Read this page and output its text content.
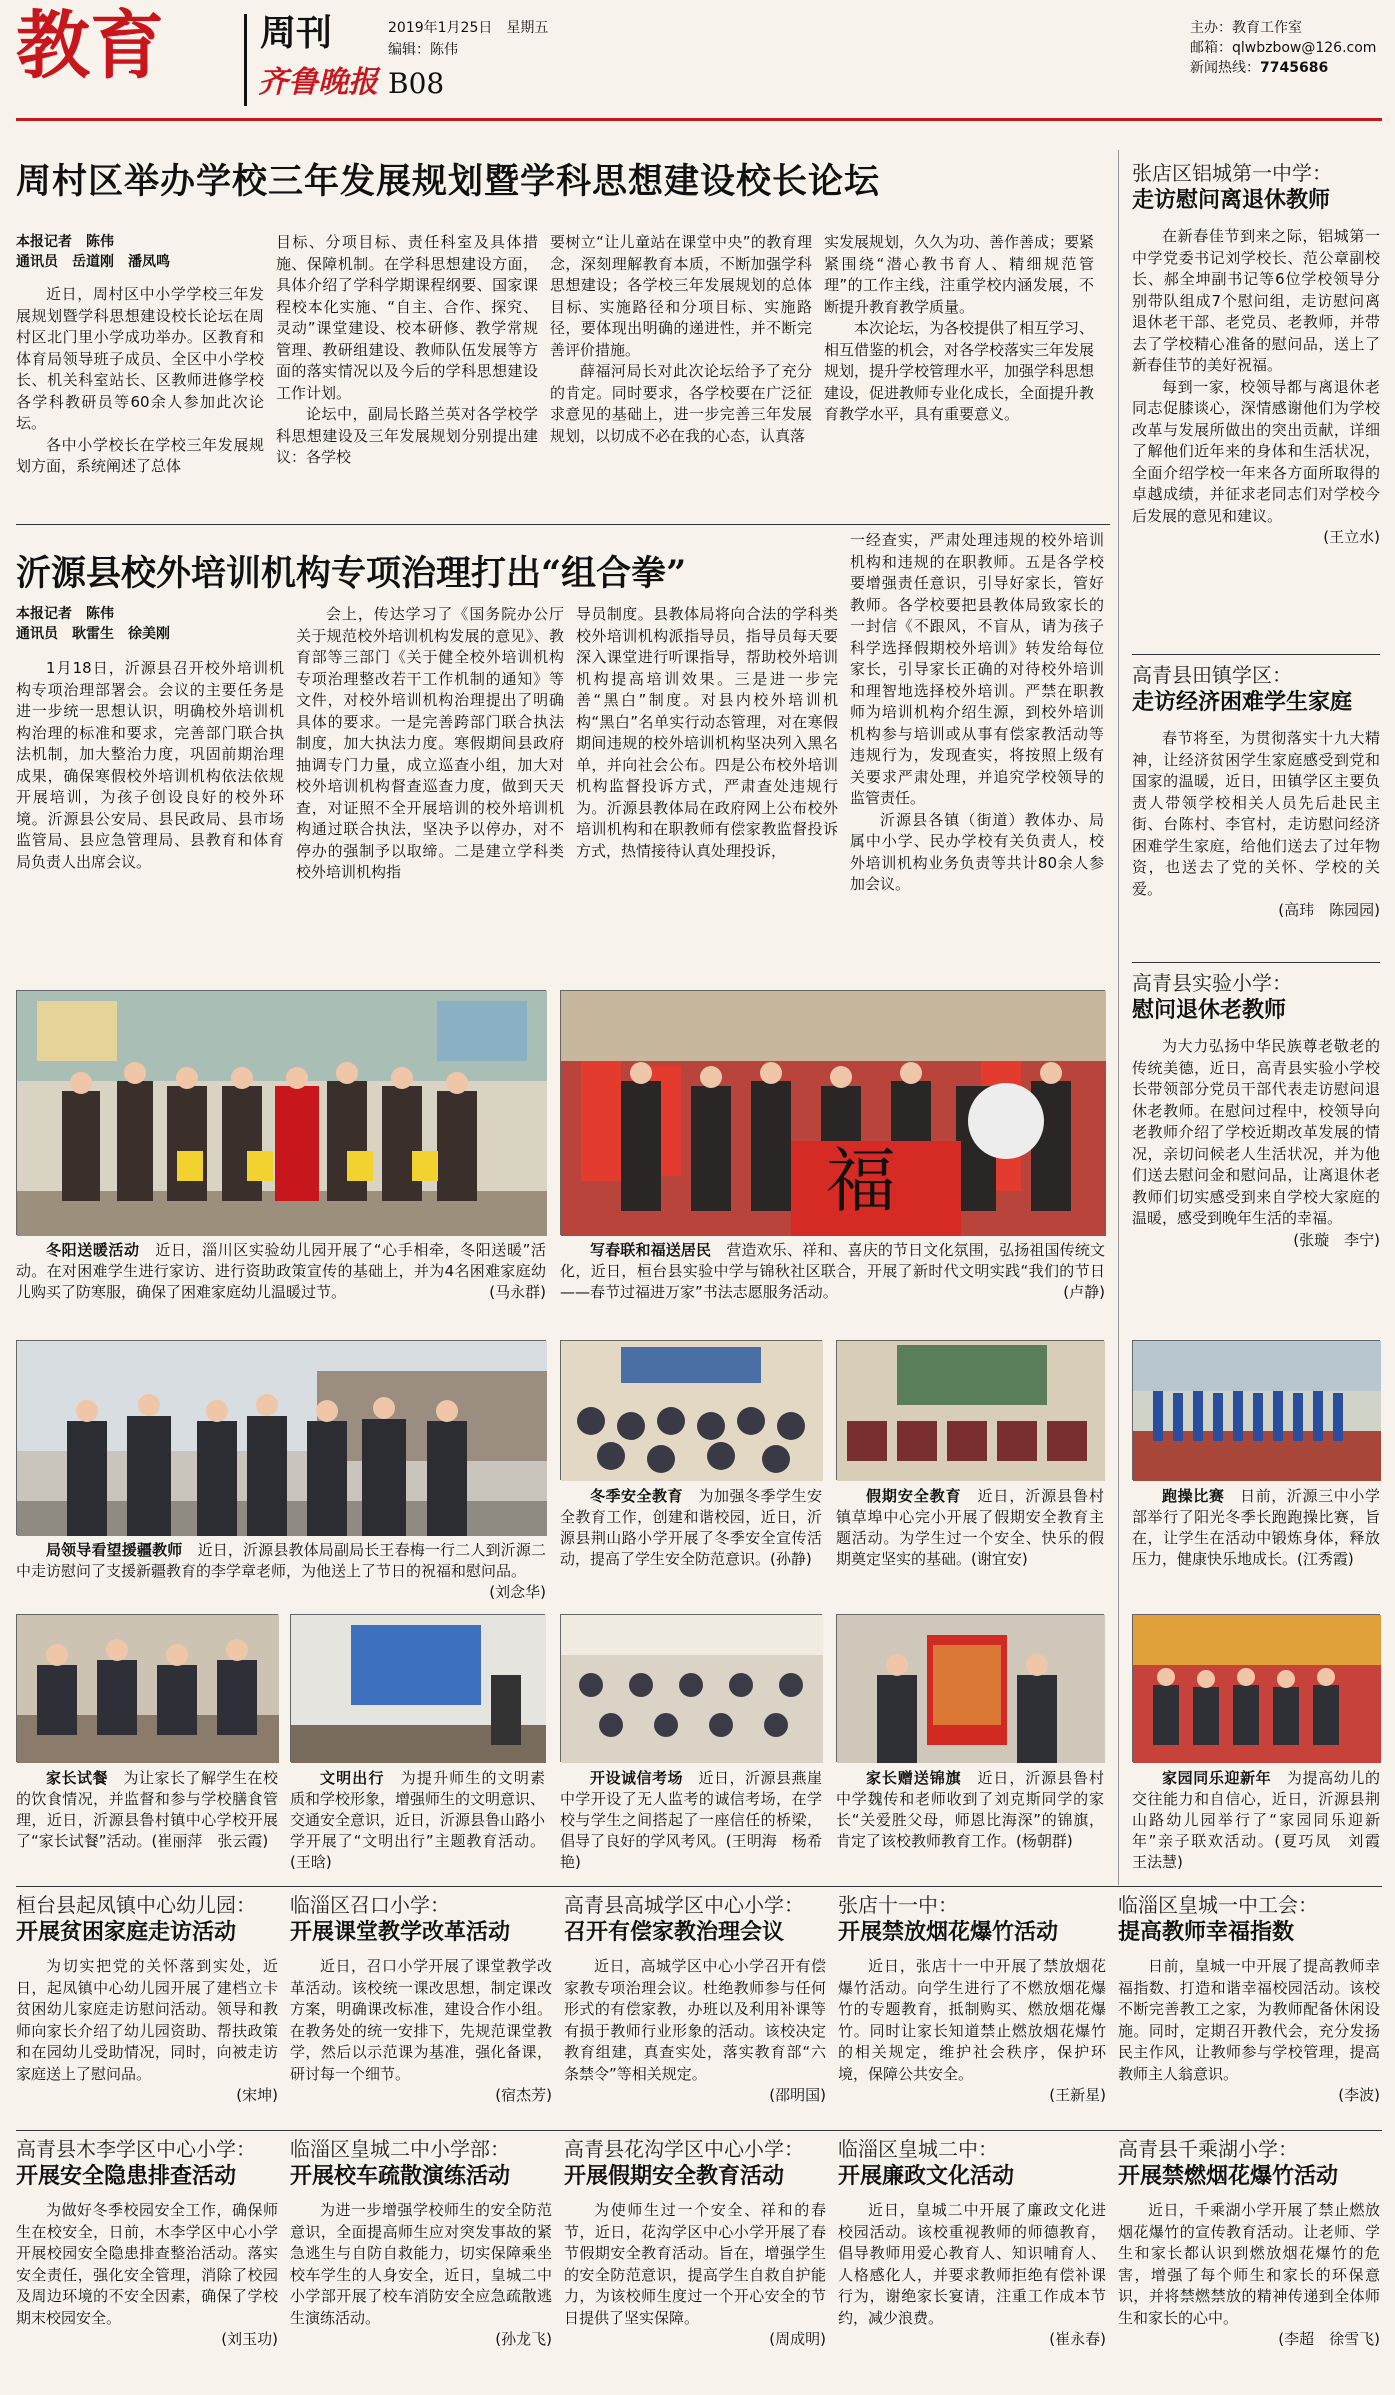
教育	周刊
齐鲁晚报 B08
2019年1月25日　 星期五
编辑：陈伟
主办：教育工作室
邮箱：qlwbzbow@126.com
新闻热线：7745686
周村区举办学校三年发展规划暨学科思想建设校长论坛
本报记者　陈伟
通讯员　岳道刚　潘凤鸣
近日，周村区中小学学校三年发展规划暨学科思想建设校长论坛在周村区北门里小学成功举办。区教育和体育局领导班子成员、全区中小学校长、机关科室站长、区教师进修学校各学科教研员等60余人参加此次论坛。
各中小学校长在学校三年发展规划方面，系统阐述了总体
目标、分项目标、责任科室及具体措施、保障机制。在学科思想建设方面，具体介绍了学科学期课程纲要、国家课程校本化实施、“自主、合作、探究、灵动”课堂建设、校本研修、教学常规管理、教研组建设、教师队伍发展等方面的落实情况以及今后的学科思想建设工作计划。
论坛中，副局长路兰英对各学校学科思想建设及三年发展规划分别提出建议：各学校
要树立“让儿童站在课堂中央”的教育理念，深刻理解教育本质，不断加强学科思想建设；各学校三年发展规划的总体目标、实施路径和分项目标、实施路径，要体现出明确的递进性，并不断完善评价措施。
薛福河局长对此次论坛给予了充分的肯定。同时要求，各学校要在广泛征求意见的基础上，进一步完善三年发展规划，以切成不必在我的心态，认真落
实发展规划，久久为功、善作善成；要紧紧围绕“潜心教书育人、精细规范管理”的工作主线，注重学校内涵发展，不断提升教育教学质量。
本次论坛，为各校提供了相互学习、相互借鉴的机会，对各学校落实三年发展规划，提升学校管理水平，加强学科思想建设，促进教师专业化成长，全面提升教育教学水平，具有重要意义。
沂源县校外培训机构专项治理打出“组合拳”
本报记者　陈伟
通讯员　耿雷生　徐美刚
1月18日，沂源县召开校外培训机构专项治理部署会。会议的主要任务是进一步统一思想认识，明确校外培训机构治理的标准和要求，完善部门联合执法机制，加大整治力度，巩固前期治理成果，确保寒假校外培训机构依法依规开展培训，为孩子创设良好的校外环境。沂源县公安局、县民政局、县市场监管局、县应急管理局、县教育和体育局负责人出席会议。
会上，传达学习了《国务院办公厅关于规范校外培训机构发展的意见》、教育部等三部门《关于健全校外培训机构专项治理整改若干工作机制的通知》等文件，对校外培训机构治理提出了明确具体的要求。一是完善跨部门联合执法制度，加大执法力度。寒假期间县政府抽调专门力量，成立巡查小组，加大对校外培训机构督查巡查力度，做到天天查，对证照不全开展培训的校外培训机构通过联合执法，坚决予以停办，对不停办的强制予以取缔。二是建立学科类校外培训机构指
导员制度。县教体局将向合法的学科类校外培训机构派指导员，指导员每天要深入课堂进行听课指导，帮助校外培训机构提高培训效果。三是进一步完善“黑白”制度。对县内校外培训机构“黑白”名单实行动态管理，对在寒假期间违规的校外培训机构坚决列入黑名单，并向社会公布。四是公布校外培训机构监督投诉方式，严肃查处违规行为。沂源县教体局在政府网上公布校外培训机构和在职教师有偿家教监督投诉方式，热情接待认真处理投诉，
一经查实，严肃处理违规的校外培训机构和违规的在职教师。五是各学校要增强责任意识，引导好家长，管好教师。各学校要把县教体局致家长的一封信《不跟风，不盲从，请为孩子科学选择假期校外培训》转发给每位家长，引导家长正确的对待校外培训和理智地选择校外培训。严禁在职教师为培训机构介绍生源，到校外培训机构参与培训或从事有偿家教活动等违规行为，发现查实，将按照上级有关要求严肃处理，并追究学校领导的监管责任。
沂源县各镇（街道）教体办、局属中小学、民办学校有关负责人，校外培训机构业务负责等共计80余人参加会议。
福
冬阳送暖活动　 近日，淄川区实验幼儿园开展了“心手相牵，冬阳送暖”活动。在对困难学生进行家访、进行资助政策宣传的基础上，并为4名困难家庭幼儿购买了防寒服，确保了困难家庭幼儿温暖过节。	(马永群)
写春联和福送居民　 营造欢乐、祥和、喜庆的节日文化氛围，弘扬祖国传统文化，近日，桓台县实验中学与锦秋社区联合，开展了新时代文明实践“我们的节日——春节过福进万家”书法志愿服务活动。	(卢静)
局领导看望援疆教师　 近日，沂源县教体局副局长王春梅一行二人到沂源二中走访慰问了支援新疆教育的李学章老师，为他送上了节日的祝福和慰问品。
(刘念华)
冬季安全教育　 为加强冬季学生安全教育工作，创建和谐校园，近日，沂源县荆山路小学开展了冬季安全宣传活动，提高了学生安全防范意识。(孙静)
假期安全教育　 近日，沂源县鲁村镇草埠中心完小开展了假期安全教育主题活动。为学生过一个安全、快乐的假期奠定坚实的基础。(谢宜安)
跑操比赛　 日前，沂源三中小学部举行了阳光冬季长跑跑操比赛，旨在，让学生在活动中锻炼身体，释放压力，健康快乐地成长。(江秀霞)
家长试餐　 为让家长了解学生在校的饮食情况，并监督和参与学校膳食管理，近日，沂源县鲁村镇中心学校开展了“家长试餐”活动。(崔丽萍　张云霞)
文明出行　 为提升师生的文明素质和学校形象，增强师生的文明意识、交通安全意识，近日，沂源县鲁山路小学开展了“文明出行”主题教育活动。(王晗)
开设诚信考场　 近日，沂源县燕崖中学开设了无人监考的诚信考场，在学校与学生之间搭起了一座信任的桥梁，倡导了良好的学风考风。(王明海　杨希艳)
家长赠送锦旗　 近日，沂源县鲁村中学魏传和老师收到了刘克斯同学的家长“关爱胜父母，师恩比海深”的锦旗，肯定了该校教师教育工作。(杨朝群)
家园同乐迎新年　 为提高幼儿的交往能力和自信心，近日，沂源县荆山路幼儿园举行了“家园同乐迎新年”亲子联欢活动。(夏巧凤　刘霞　王法慧)
张店区铝城第一中学：
走访慰问离退休教师
在新春佳节到来之际，铝城第一中学党委书记刘学校长、范公章副校长、郝全坤副书记等6位学校领导分别带队组成7个慰问组，走访慰问离退休老干部、老党员、老教师，并带去了学校精心准备的慰问品，送上了新春佳节的美好祝福。
每到一家，校领导都与离退休老同志促膝谈心，深情感谢他们为学校改革与发展所做出的突出贡献，详细了解他们近年来的身体和生活状况，全面介绍学校一年来各方面所取得的卓越成绩，并征求老同志们对学校今后发展的意见和建议。
(王立水)
高青县田镇学区：
走访经济困难学生家庭
春节将至，为贯彻落实十九大精神，让经济贫困学生家庭感受到党和国家的温暖，近日，田镇学区主要负责人带领学校相关人员先后赴民主街、台陈村、李官村，走访慰问经济困难学生家庭，给他们送去了过年物资，也送去了党的关怀、学校的关爱。
(高玮　陈园园)
高青县实验小学：
慰问退休老教师
为大力弘扬中华民族尊老敬老的传统美德，近日，高青县实验小学校长带领部分党员干部代表走访慰问退休老教师。在慰问过程中，校领导向老教师介绍了学校近期改革发展的情况，亲切问候老人生活状况，并为他们送去慰问金和慰问品，让离退休老教师们切实感受到来自学校大家庭的温暖，感受到晚年生活的幸福。
(张璇　李宁)
桓台县起凤镇中心幼儿园：
开展贫困家庭走访活动
为切实把党的关怀落到实处，近日，起凤镇中心幼儿园开展了建档立卡贫困幼儿家庭走访慰问活动。领导和教师向家长介绍了幼儿园资助、帮扶政策和在园幼儿受助情况，同时，向被走访家庭送上了慰问品。
(宋坤)
临淄区召口小学：
开展课堂教学改革活动
近日，召口小学开展了课堂教学改革活动。该校统一课改思想，制定课改方案，明确课改标准，建设合作小组。在教务处的统一安排下，先规范课堂教学，然后以示范课为基准，强化备课，研讨每一个细节。
(宿杰芳)
高青县高城学区中心小学：
召开有偿家教治理会议
近日，高城学区中心小学召开有偿家教专项治理会议。杜绝教师参与任何形式的有偿家教，办班以及利用补课等有损于教师行业形象的活动。该校决定教育组建，真查实处，落实教育部“六条禁令”等相关规定。
(邵明国)
张店十一中：
开展禁放烟花爆竹活动
近日，张店十一中开展了禁放烟花爆竹活动。向学生进行了不燃放烟花爆竹的专题教育，抵制购买、燃放烟花爆竹。同时让家长知道禁止燃放烟花爆竹的相关规定，维护社会秩序，保护环境，保障公共安全。
(王新星)
临淄区皇城一中工会：
提高教师幸福指数
日前，皇城一中开展了提高教师幸福指数、打造和谐幸福校园活动。该校不断完善教工之家，为教师配备休闲设施。同时，定期召开教代会，充分发扬民主作风，让教师参与学校管理，提高教师主人翁意识。
(李波)
高青县木李学区中心小学：
开展安全隐患排查活动
为做好冬季校园安全工作，确保师生在校安全，日前，木李学区中心小学开展校园安全隐患排查整治活动。落实安全责任，强化安全管理，消除了校园及周边环境的不安全因素，确保了学校期末校园安全。
(刘玉功)
临淄区皇城二中小学部：
开展校车疏散演练活动
为进一步增强学校师生的安全防范意识，全面提高师生应对突发事故的紧急逃生与自防自救能力，切实保障乘坐校车学生的人身安全，近日，皇城二中小学部开展了校车消防安全应急疏散逃生演练活动。
(孙龙飞)
高青县花沟学区中心小学：
开展假期安全教育活动
为使师生过一个安全、祥和的春节，近日，花沟学区中心小学开展了春节假期安全教育活动。旨在，增强学生的安全防范意识，提高学生自救自护能力，为该校师生度过一个开心安全的节日提供了坚实保障。
(周成明)
临淄区皇城二中：
开展廉政文化活动
近日，皇城二中开展了廉政文化进校园活动。该校重视教师的师德教育，倡导教师用爱心教育人、知识哺育人、人格感化人，并要求教师拒绝有偿补课行为，谢绝家长宴请，注重工作成本节约，减少浪费。
(崔永春)
高青县千乘湖小学：
开展禁燃烟花爆竹活动
近日，千乘湖小学开展了禁止燃放烟花爆竹的宣传教育活动。让老师、学生和家长都认识到燃放烟花爆竹的危害，增强了每个师生和家长的环保意识，并将禁燃禁放的精神传递到全体师生和家长的心中。
(李超　徐雪飞)
